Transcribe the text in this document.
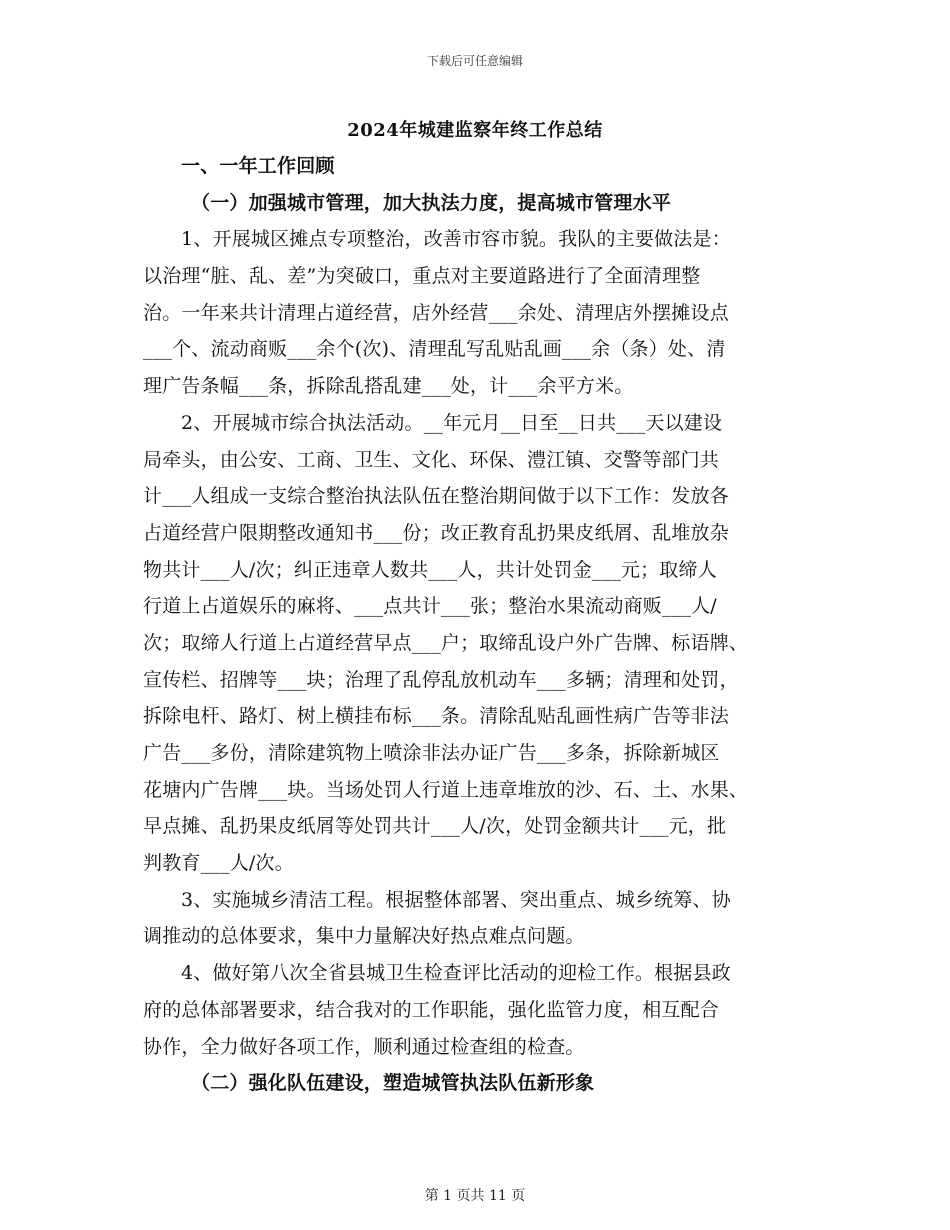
下载后可任意编辑
2024年城建监察年终工作总结
一、一年工作回顾
（一）加强城市管理，加大执法力度，提高城市管理水平
1、开展城区摊点专项整治，改善市容市貌。我队的主要做法是：
以治理“脏、乱、差”为突破口，重点对主要道路进行了全面清理整
治。一年来共计清理占道经营，店外经营___余处、清理店外摆摊设点
___个、流动商贩___余个(次)、清理乱写乱贴乱画___余（条）处、清
理广告条幅___条，拆除乱搭乱建___处，计___余平方米。
2、开展城市综合执法活动。__年元月__日至__日共___天以建设
局牵头，由公安、工商、卫生、文化、环保、澧江镇、交警等部门共
计___人组成一支综合整治执法队伍在整治期间做于以下工作：发放各
占道经营户限期整改通知书___份；改正教育乱扔果皮纸屑、乱堆放杂
物共计___人/次；纠正违章人数共___人，共计处罚金___元；取缔人
行道上占道娱乐的麻将、___点共计___张；整治水果流动商贩___人/
次；取缔人行道上占道经营早点___户；取缔乱设户外广告牌、标语牌、
宣传栏、招牌等___块；治理了乱停乱放机动车___多辆；清理和处罚，
拆除电杆、路灯、树上横挂布标___条。清除乱贴乱画性病广告等非法
广告___多份，清除建筑物上喷涂非法办证广告___多条，拆除新城区
花塘内广告牌___块。当场处罚人行道上违章堆放的沙、石、土、水果、
早点摊、乱扔果皮纸屑等处罚共计___人/次，处罚金额共计___元，批
判教育___人/次。
3、实施城乡清洁工程。根据整体部署、突出重点、城乡统筹、协
调推动的总体要求，集中力量解决好热点难点问题。
4、做好第八次全省县城卫生检查评比活动的迎检工作。根据县政
府的总体部署要求，结合我对的工作职能，强化监管力度，相互配合
协作，全力做好各项工作，顺利通过检查组的检查。
（二）强化队伍建设，塑造城管执法队伍新形象
第 1 页共 11 页
